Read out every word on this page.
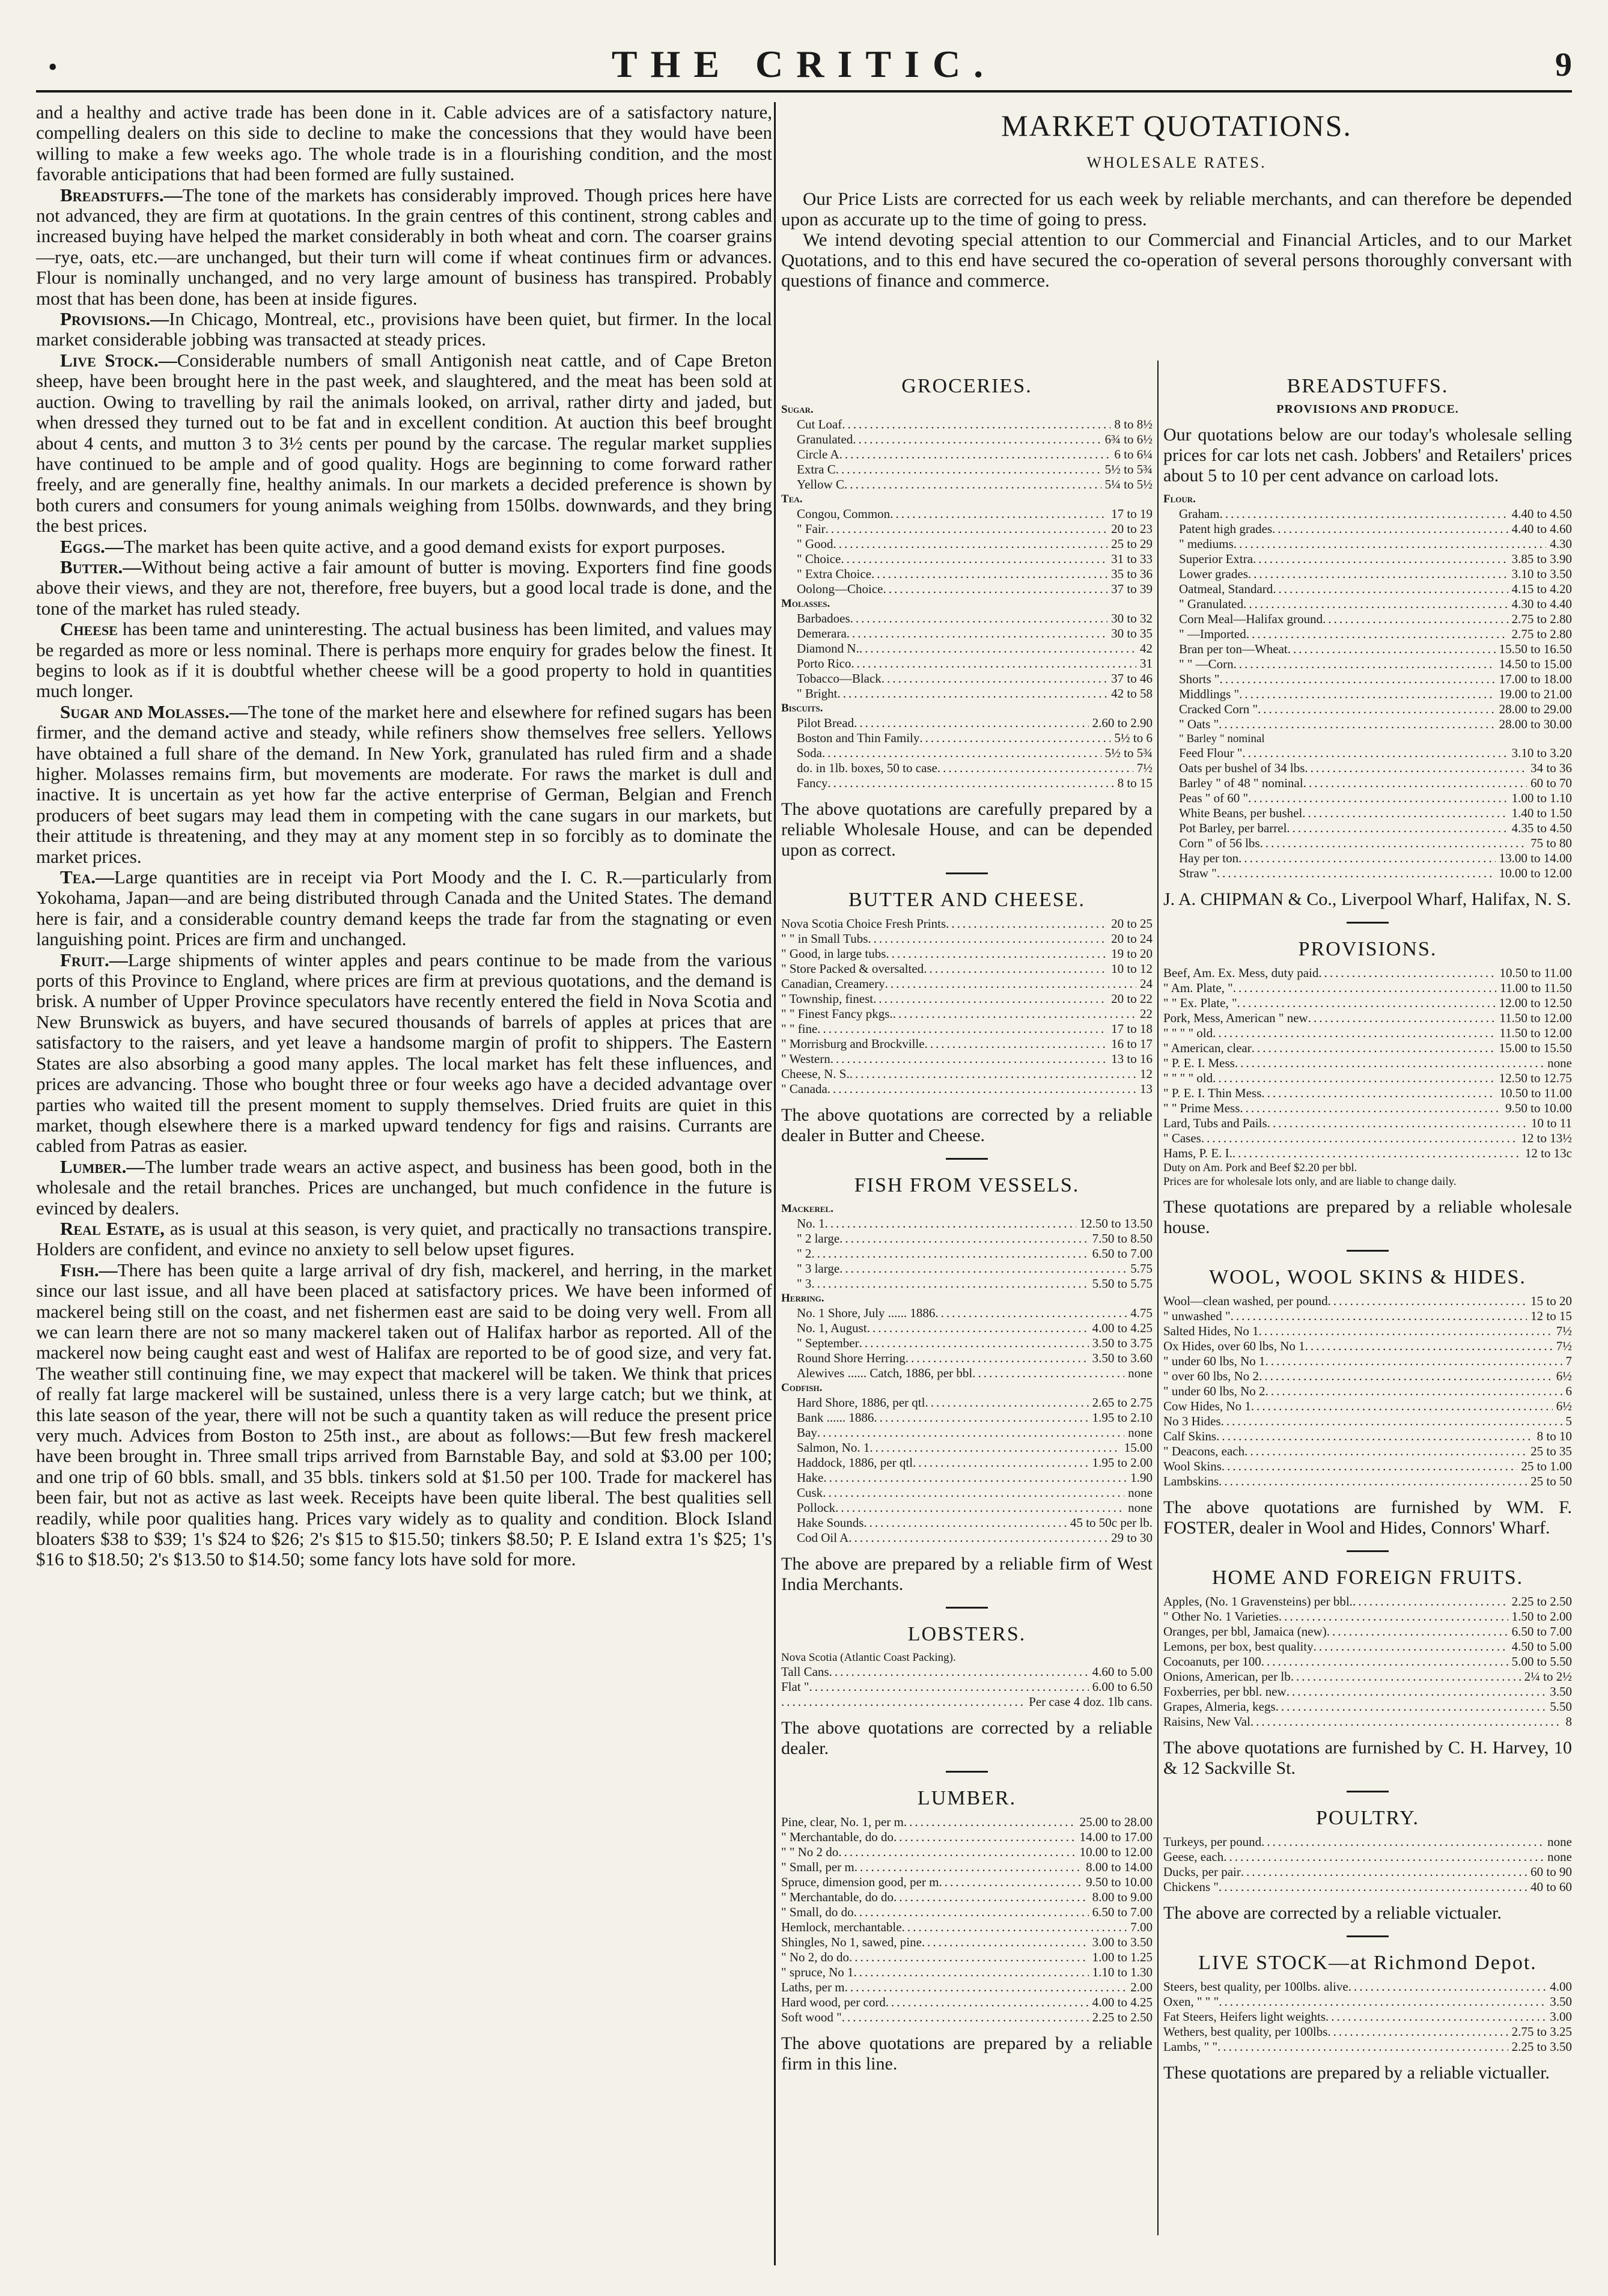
•	THE CRITIC.	9

and a healthy and active trade has been done in it. Cable advices are of a satisfactory nature, compelling dealers on this side to decline to make the concessions that they would have been willing to make a few weeks ago. The whole trade is in a flourishing condition, and the most favorable anticipations that had been formed are fully sustained.

Breadstuffs.—The tone of the markets has considerably improved. Though prices here have not advanced, they are firm at quotations. In the grain centres of this continent, strong cables and increased buying have helped the market considerably in both wheat and corn. The coarser grains—rye, oats, etc.—are unchanged, but their turn will come if wheat continues firm or advances. Flour is nominally unchanged, and no very large amount of business has transpired. Probably most that has been done, has been at inside figures.

Provisions.—In Chicago, Montreal, etc., provisions have been quiet, but firmer. In the local market considerable jobbing was transacted at steady prices.

Live Stock.—Considerable numbers of small Antigonish neat cattle, and of Cape Breton sheep, have been brought here in the past week, and slaughtered, and the meat has been sold at auction. Owing to travelling by rail the animals looked, on arrival, rather dirty and jaded, but when dressed they turned out to be fat and in excellent condition. At auction this beef brought about 4 cents, and mutton 3 to 3½ cents per pound by the carcase. The regular market supplies have continued to be ample and of good quality. Hogs are beginning to come forward rather freely, and are generally fine, healthy animals. In our markets a decided preference is shown by both curers and consumers for young animals weighing from 150lbs. downwards, and they bring the best prices.

Eggs.—The market has been quite active, and a good demand exists for export purposes.

Butter.—Without being active a fair amount of butter is moving. Exporters find fine goods above their views, and they are not, therefore, free buyers, but a good local trade is done, and the tone of the market has ruled steady.

Cheese has been tame and uninteresting. The actual business has been limited, and values may be regarded as more or less nominal. There is perhaps more enquiry for grades below the finest. It begins to look as if it is doubtful whether cheese will be a good property to hold in quantities much longer.

Sugar and Molasses.—The tone of the market here and elsewhere for refined sugars has been firmer, and the demand active and steady, while refiners show themselves free sellers. Yellows have obtained a full share of the demand. In New York, granulated has ruled firm and a shade higher. Molasses remains firm, but movements are moderate. For raws the market is dull and inactive. It is uncertain as yet how far the active enterprise of German, Belgian and French producers of beet sugars may lead them in competing with the cane sugars in our markets, but their attitude is threatening, and they may at any moment step in so forcibly as to dominate the market prices.

Tea.—Large quantities are in receipt via Port Moody and the I. C. R.—particularly from Yokohama, Japan—and are being distributed through Canada and the United States. The demand here is fair, and a considerable country demand keeps the trade far from the stagnating or even languishing point. Prices are firm and unchanged.

Fruit.—Large shipments of winter apples and pears continue to be made from the various ports of this Province to England, where prices are firm at previous quotations, and the demand is brisk. A number of Upper Province speculators have recently entered the field in Nova Scotia and New Brunswick as buyers, and have secured thousands of barrels of apples at prices that are satisfactory to the raisers, and yet leave a handsome margin of profit to shippers. The Eastern States are also absorbing a good many apples. The local market has felt these influences, and prices are advancing. Those who bought three or four weeks ago have a decided advantage over parties who waited till the present moment to supply themselves. Dried fruits are quiet in this market, though elsewhere there is a marked upward tendency for figs and raisins. Currants are cabled from Patras as easier.

Lumber.—The lumber trade wears an active aspect, and business has been good, both in the wholesale and the retail branches. Prices are unchanged, but much confidence in the future is evinced by dealers.

Real Estate, as is usual at this season, is very quiet, and practically no transactions transpire. Holders are confident, and evince no anxiety to sell below upset figures.

Fish.—There has been quite a large arrival of dry fish, mackerel, and herring, in the market since our last issue, and all have been placed at satisfactory prices. We have been informed of mackerel being still on the coast, and net fishermen east are said to be doing very well. From all we can learn there are not so many mackerel taken out of Halifax harbor as reported. All of the mackerel now being caught east and west of Halifax are reported to be of good size, and very fat. The weather still continuing fine, we may expect that mackerel will be taken. We think that prices of really fat large mackerel will be sustained, unless there is a very large catch; but we think, at this late season of the year, there will not be such a quantity taken as will reduce the present price very much. Advices from Boston to 25th inst., are about as follows:—But few fresh mackerel have been brought in. Three small trips arrived from Barnstable Bay, and sold at $3.00 per 100; and one trip of 60 bbls. small, and 35 bbls. tinkers sold at $1.50 per 100. Trade for mackerel has been fair, but not as active as last week. Receipts have been quite liberal. The best qualities sell readily, while poor qualities hang. Prices vary widely as to quality and condition. Block Island bloaters $38 to $39; 1's $24 to $26; 2's $15 to $15.50; tinkers $8.50; P. E Island extra 1's $25; 1's $16 to $18.50; 2's $13.50 to $14.50; some fancy lots have sold for more.

MARKET QUOTATIONS.
WHOLESALE RATES.

Our Price Lists are corrected for us each week by reliable merchants, and can therefore be depended upon as accurate up to the time of going to press.

We intend devoting special attention to our Commercial and Financial Articles, and to our Market Quotations, and to this end have secured the co-operation of several persons thoroughly conversant with questions of finance and commerce.

GROCERIES.
Sugar.
Cut Loaf .....	8 to 8½
Granulated .....	6¾ to 6½
Circle A .....	6 to 6¼
Extra C .....	5½ to 5¾
Yellow C .....	5¼ to 5½
Tea.
Congou, Common .....	17 to 19
" Fair .....	20 to 23
" Good .....	25 to 29
" Choice .....	31 to 33
" Extra Choice .....	35 to 36
Oolong—Choice .....	37 to 39
Molasses.
Barbadoes .....	30 to 32
Demerara .....	30 to 35
Diamond N. .....	42
Porto Rico .....	31
Tobacco—Black .....	37 to 46
" Bright .....	42 to 58
Biscuits.
Pilot Bread .....	2.60 to 2.90
Boston and Thin Family .....	5½ to 6
Soda .....	5½ to 5¾
do. in 1lb. boxes, 50 to case .....	7½
Fancy .....	8 to 15

The above quotations are carefully prepared by a reliable Wholesale House, and can be depended upon as correct.

BUTTER AND CHEESE.
Nova Scotia Choice Fresh Prints .....	20 to 25
" " in Small Tubs .....	20 to 24
" Good, in large tubs .....	19 to 20
" Store Packed & oversalted .....	10 to 12
Canadian, Creamery .....	24
" Township, finest .....	20 to 22
" " Finest Fancy pkgs. .....	22
" " fine .....	17 to 18
" Morrisburg and Brockville .....	16 to 17
" Western .....	13 to 16
Cheese, N. S. .....	12
" Canada .....	13

The above quotations are corrected by a reliable dealer in Butter and Cheese.

FISH FROM VESSELS.
Mackerel.
No. 1 .....	12.50 to 13.50
" 2 large .....	7.50 to 8.50
" 2 .....	6.50 to 7.00
" 3 large .....	5.75
" 3 .....	5.50 to 5.75
Herring.
No. 1 Shore, July ...... 1886 .....	4.75
No. 1, August .....	4.00 to 4.25
" September .....	3.50 to 3.75
Round Shore Herring .....	3.50 to 3.60
Alewives ...... Catch, 1886, per bbl .....	none
Codfish.
Hard Shore, 1886, per qtl .....	2.65 to 2.75
Bank ...... 1886 .....	1.95 to 2.10
Bay .....	none
Salmon, No. 1 .....	15.00
Haddock, 1886, per qtl .....	1.95 to 2.00
Hake .....	1.90
Cusk .....	none
Pollock .....	none
Hake Sounds .....	45 to 50c per lb.
Cod Oil A .....	29 to 30

The above are prepared by a reliable firm of West India Merchants.

LOBSTERS.
Nova Scotia (Atlantic Coast Packing).
Tall Cans .....	4.60 to 5.00
Flat " .....	6.00 to 6.50
.....
Per case 4 doz. 1lb cans.

The above quotations are corrected by a reliable dealer.

LUMBER.
Pine, clear, No. 1, per m .....	25.00 to 28.00
" Merchantable, do do .....	14.00 to 17.00
" " No 2 do .....	10.00 to 12.00
" Small, per m .....	8.00 to 14.00
Spruce, dimension good, per m .....	9.50 to 10.00
" Merchantable, do do .....	8.00 to 9.00
" Small, do do .....	6.50 to 7.00
Hemlock, merchantable .....	7.00
Shingles, No 1, sawed, pine .....	3.00 to 3.50
" No 2, do do .....	1.00 to 1.25
" spruce, No 1 .....	1.10 to 1.30
Laths, per m .....	2.00
Hard wood, per cord .....	4.00 to 4.25
Soft wood " .....	2.25 to 2.50

The above quotations are prepared by a reliable firm in this line.

BREADSTUFFS.
PROVISIONS AND PRODUCE.

Our quotations below are our today's wholesale selling prices for car lots net cash. Jobbers' and Retailers' prices about 5 to 10 per cent advance on carload lots.

Flour.
Graham .....	4.40 to 4.50
Patent high grades .....	4.40 to 4.60
" mediums .....	4.30
Superior Extra .....	3.85 to 3.90
Lower grades .....	3.10 to 3.50
Oatmeal, Standard .....	4.15 to 4.20
" Granulated .....	4.30 to 4.40
Corn Meal—Halifax ground .....	2.75 to 2.80
" —Imported .....	2.75 to 2.80
Bran per ton—Wheat .....	15.50 to 16.50
" " —Corn .....	14.50 to 15.00
Shorts " .....	17.00 to 18.00
Middlings " .....	19.00 to 21.00
Cracked Corn " .....	28.00 to 29.00
" Oats " .....	28.00 to 30.00
" Barley " nominal
Feed Flour " .....	3.10 to 3.20
Oats per bushel of 34 lbs .....	34 to 36
Barley " of 48 " nominal .....	60 to 70
Peas " of 60 " .....	1.00 to 1.10
White Beans, per bushel .....	1.40 to 1.50
Pot Barley, per barrel .....	4.35 to 4.50
Corn " of 56 lbs .....	75 to 80
Hay per ton .....	13.00 to 14.00
Straw " .....	10.00 to 12.00

J. A. CHIPMAN & Co., Liverpool Wharf, Halifax, N. S.

PROVISIONS.
Beef, Am. Ex. Mess, duty paid .....	10.50 to 11.00
" Am. Plate, " .....	11.00 to 11.50
" " Ex. Plate, " .....	12.00 to 12.50
Pork, Mess, American " new .....	11.50 to 12.00
" " " " old .....	11.50 to 12.00
" American, clear .....	15.00 to 15.50
" P. E. I. Mess .....	none
" " " " old .....	12.50 to 12.75
" P. E. I. Thin Mess .....	10.50 to 11.00
" " Prime Mess .....	9.50 to 10.00
Lard, Tubs and Pails .....	10 to 11
" Cases .....	12 to 13½
Hams, P. E. I. .....	12 to 13c
Duty on Am. Pork and Beef $2.20 per bbl.
Prices are for wholesale lots only, and are liable to change daily.

These quotations are prepared by a reliable wholesale house.

WOOL, WOOL SKINS & HIDES.
Wool—clean washed, per pound .....	15 to 20
" unwashed " .....	12 to 15
Salted Hides, No 1 .....	7½
Ox Hides, over 60 lbs, No 1 .....	7½
" under 60 lbs, No 1 .....	7
" over 60 lbs, No 2 .....	6½
" under 60 lbs, No 2 .....	6
Cow Hides, No 1 .....	6½
No 3 Hides .....	5
Calf Skins .....	8 to 10
" Deacons, each .....	25 to 35
Wool Skins .....	25 to 1.00
Lambskins .....	25 to 50

The above quotations are furnished by WM. F. FOSTER, dealer in Wool and Hides, Connors' Wharf.

HOME AND FOREIGN FRUITS.
Apples, (No. 1 Gravensteins) per bbl. .....	2.25 to 2.50
" Other No. 1 Varieties .....	1.50 to 2.00
Oranges, per bbl, Jamaica (new) .....	6.50 to 7.00
Lemons, per box, best quality .....	4.50 to 5.00
Cocoanuts, per 100 .....	5.00 to 5.50
Onions, American, per lb .....	2¼ to 2½
Foxberries, per bbl. new .....	3.50
Grapes, Almeria, kegs .....	5.50
Raisins, New Val .....	8

The above quotations are furnished by C. H. Harvey, 10 & 12 Sackville St.

POULTRY.
Turkeys, per pound .....	none
Geese, each .....	none
Ducks, per pair .....	60 to 90
Chickens " .....	40 to 60

The above are corrected by a reliable victualer.

LIVE STOCK—at Richmond Depot.
Steers, best quality, per 100lbs. alive .....	4.00
Oxen, " " " .....	3.50
Fat Steers, Heifers light weights .....	3.00
Wethers, best quality, per 100lbs .....	2.75 to 3.25
Lambs, " " .....	2.25 to 3.50

These quotations are prepared by a reliable victualler.
